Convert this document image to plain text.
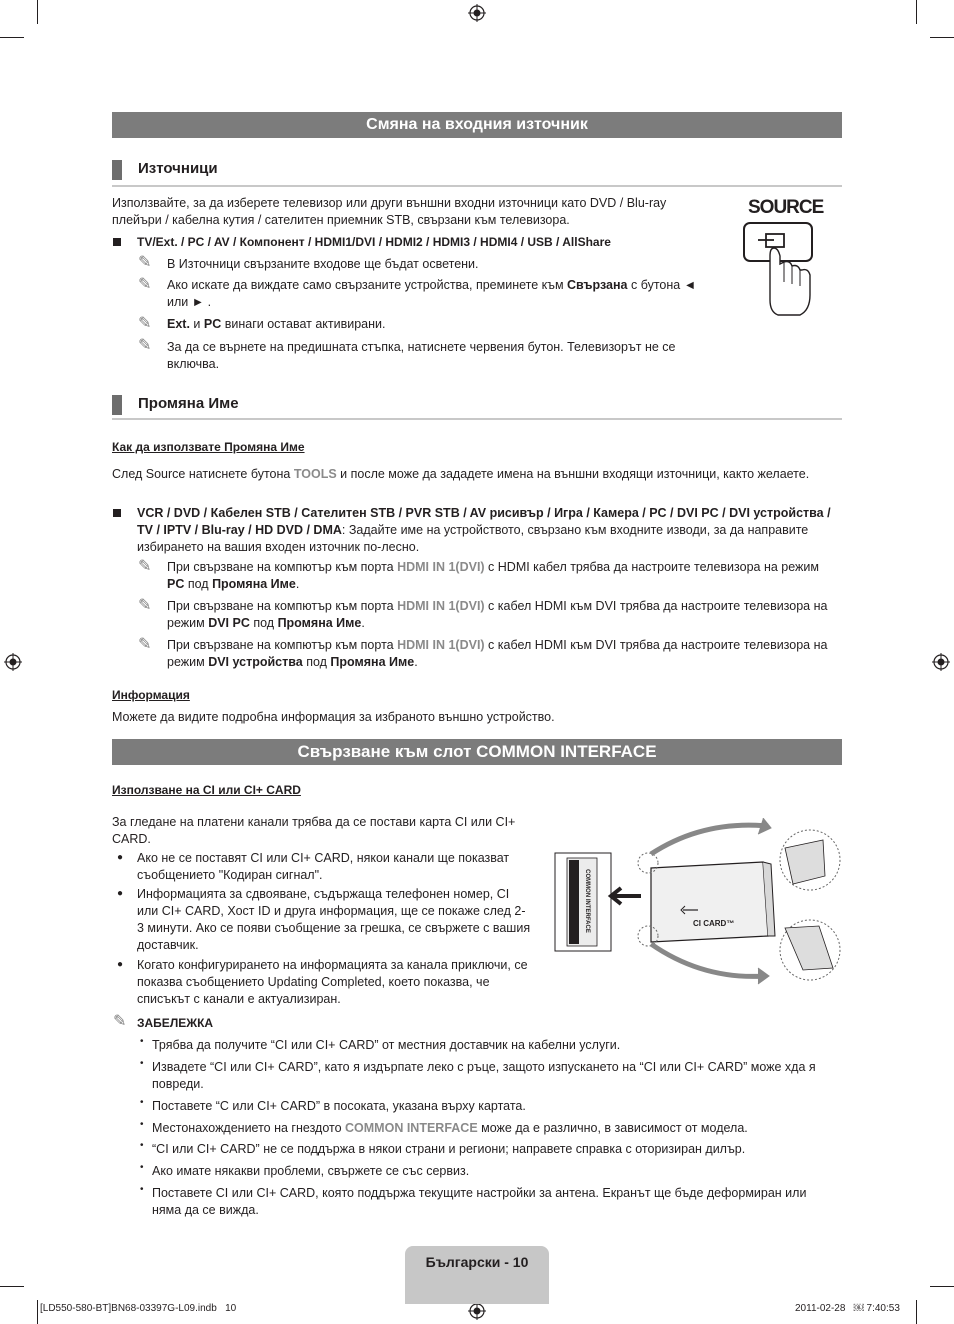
Смяна на входния източник
Източници
Използвайте, за да изберете телевизор или други външни входни източници като DVD / Blu-ray плейъри / кабелна кутия / сателитен приемник STB, свързани към телевизора.
TV/Ext. / PC / AV / Компонент / HDMI1/DVI / HDMI2 / HDMI3 / HDMI4 / USB / AllShare
✎ В Източници свързаните входове ще бъдат осветени.
✎ Ако искате да виждате само свързаните устройства, преминете към Свързана с бутона ◄ или ► .
✎ Ext. и PC винаги остават активирани.
✎ За да се върнете на предишната стъпка, натиснете червения бутон. Телевизорът не се включва.
SOURCE
Промяна Име
Как да използвате Промяна Име
След Source натиснете бутона TOOLS и после може да зададете имена на външни входящи източници, както желаете.
VCR / DVD / Кабелен STB / Сателитен STB / PVR STB / AV рисивър / Игра / Камера / PC / DVI PC / DVI устройства / TV / IPTV / Blu-ray / HD DVD / DMA: Задайте име на устройството, свързано към входните изводи, за да направите избирането на вашия входен източник по-лесно.
✎ При свързване на компютър към порта HDMI IN 1(DVI) с HDMI кабел трябва да настроите телевизора на режим PC под Промяна Име.
✎ При свързване на компютър към порта HDMI IN 1(DVI) с кабел HDMI към DVI трябва да настроите телевизора на режим DVI PC под Промяна Име.
✎ При свързване на компютър към порта HDMI IN 1(DVI) с кабел HDMI към DVI трябва да настроите телевизора на режим DVI устройства под Промяна Име.
Информация
Можете да видите подробна информация за избраното външно устройство.
Свързване към слот COMMON INTERFACE
Използване на CI или CI+ CARD
За гледане на платени канали трябва да се постави карта CI или CI+ CARD.
● Ако не се поставят CI или CI+ CARD, някои канали ще показват съобщението "Кодиран сигнал".
● Информацията за сдвояване, съдържаща телефонен номер, CI или CI+ CARD, Хост ID и друга информация, ще се покаже след 2-3 минути. Ако се появи съобщение за грешка, се свържете с вашия доставчик.
● Когато конфигурирането на информацията за канала приключи, се показва съобщението Updating Completed, което показва, че списъкът с канали е актуализиран.
COMMON INTERFACE	CI CARD™
✎ ЗАБЕЛЕЖКА
• Трябва да получите “CI или CI+ CARD” от местния доставчик на кабелни услуги.
• Извадете “CI или CI+ CARD”, като я издърпате леко с ръце, защото изпускането на “CI или CI+ CARD” може хда я повреди.
• Поставете “C или CI+ CARD” в посоката, указана върху картата.
• Местонахождението на гнездото COMMON INTERFACE може да е различно, в зависимост от модела.
• “CI или CI+ CARD” не се поддържа в някои страни и региони; направете справка с оторизиран дилър.
• Ако имате някакви проблеми, свържете се със сервиз.
• Поставете CI или CI+ CARD, която поддържа текущите настройки за антена. Екранът ще бъде деформиран или няма да се вижда.
Български - 10
[LD550-580-BT]BN68-03397G-L09.indb   10	2011-02-28   ￼ 7:40:53
